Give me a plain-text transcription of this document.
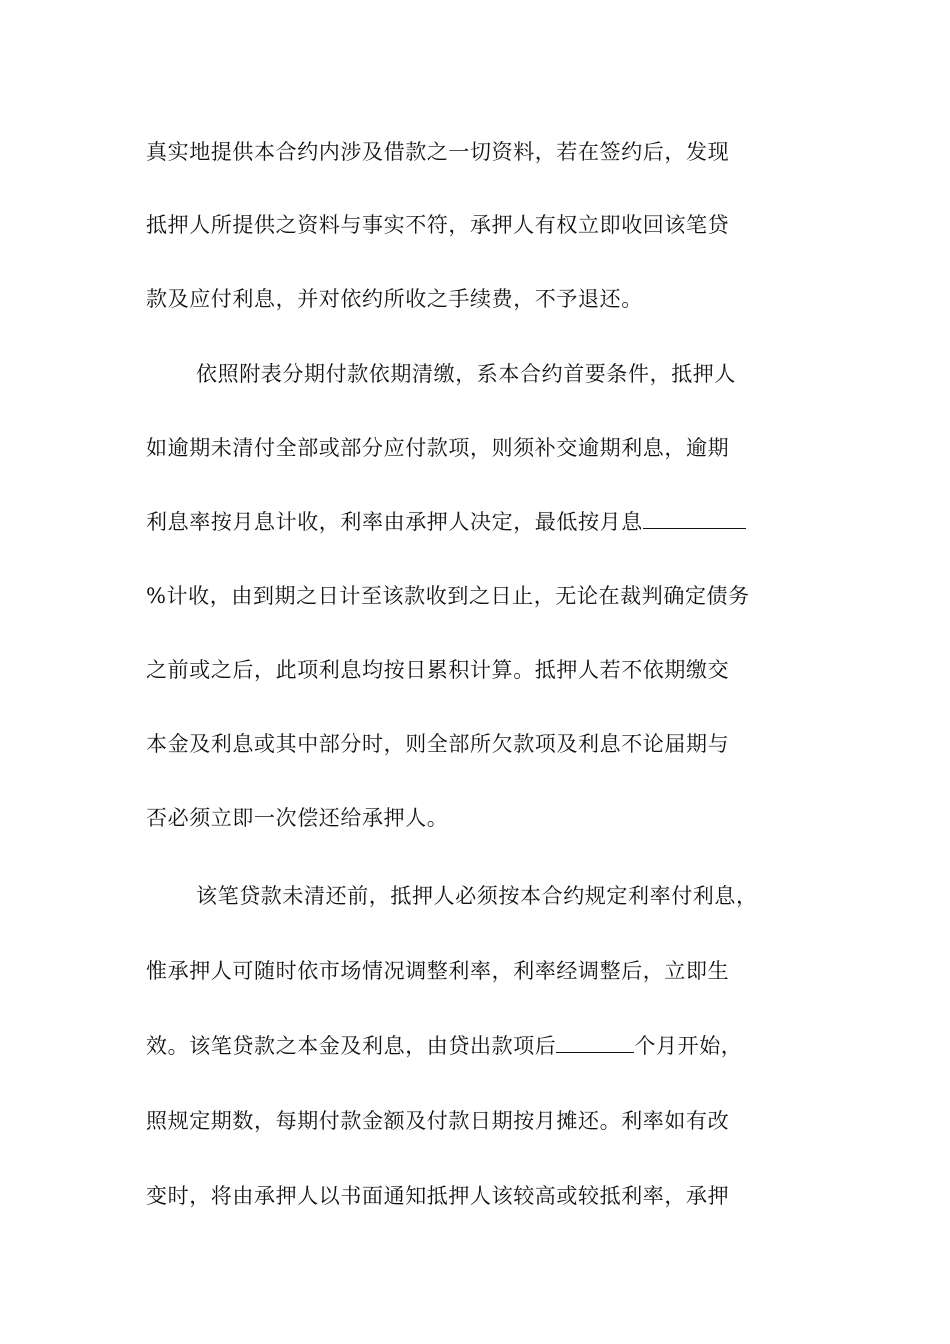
真实地提供本合约内涉及借款之一切资料，若在签约后，发现
抵押人所提供之资料与事实不符，承押人有权立即收回该笔贷
款及应付利息，并对依约所收之手续费，不予退还。
依照附表分期付款依期清缴，系本合约首要条件，抵押人
如逾期未清付全部或部分应付款项，则须补交逾期利息，逾期
利息率按月息计收，利率由承押人决定，最低按月息
%计收，由到期之日计至该款收到之日止，无论在裁判确定债务
之前或之后，此项利息均按日累积计算。抵押人若不依期缴交
本金及利息或其中部分时，则全部所欠款项及利息不论届期与
否必须立即一次偿还给承押人。
该笔贷款未清还前，抵押人必须按本合约规定利率付利息，
惟承押人可随时依市场情况调整利率，利率经调整后，立即生
效。该笔贷款之本金及利息，由贷出款项后	个月开始，
照规定期数，每期付款金额及付款日期按月摊还。利率如有改
变时，将由承押人以书面通知抵押人该较高或较抵利率，承押
